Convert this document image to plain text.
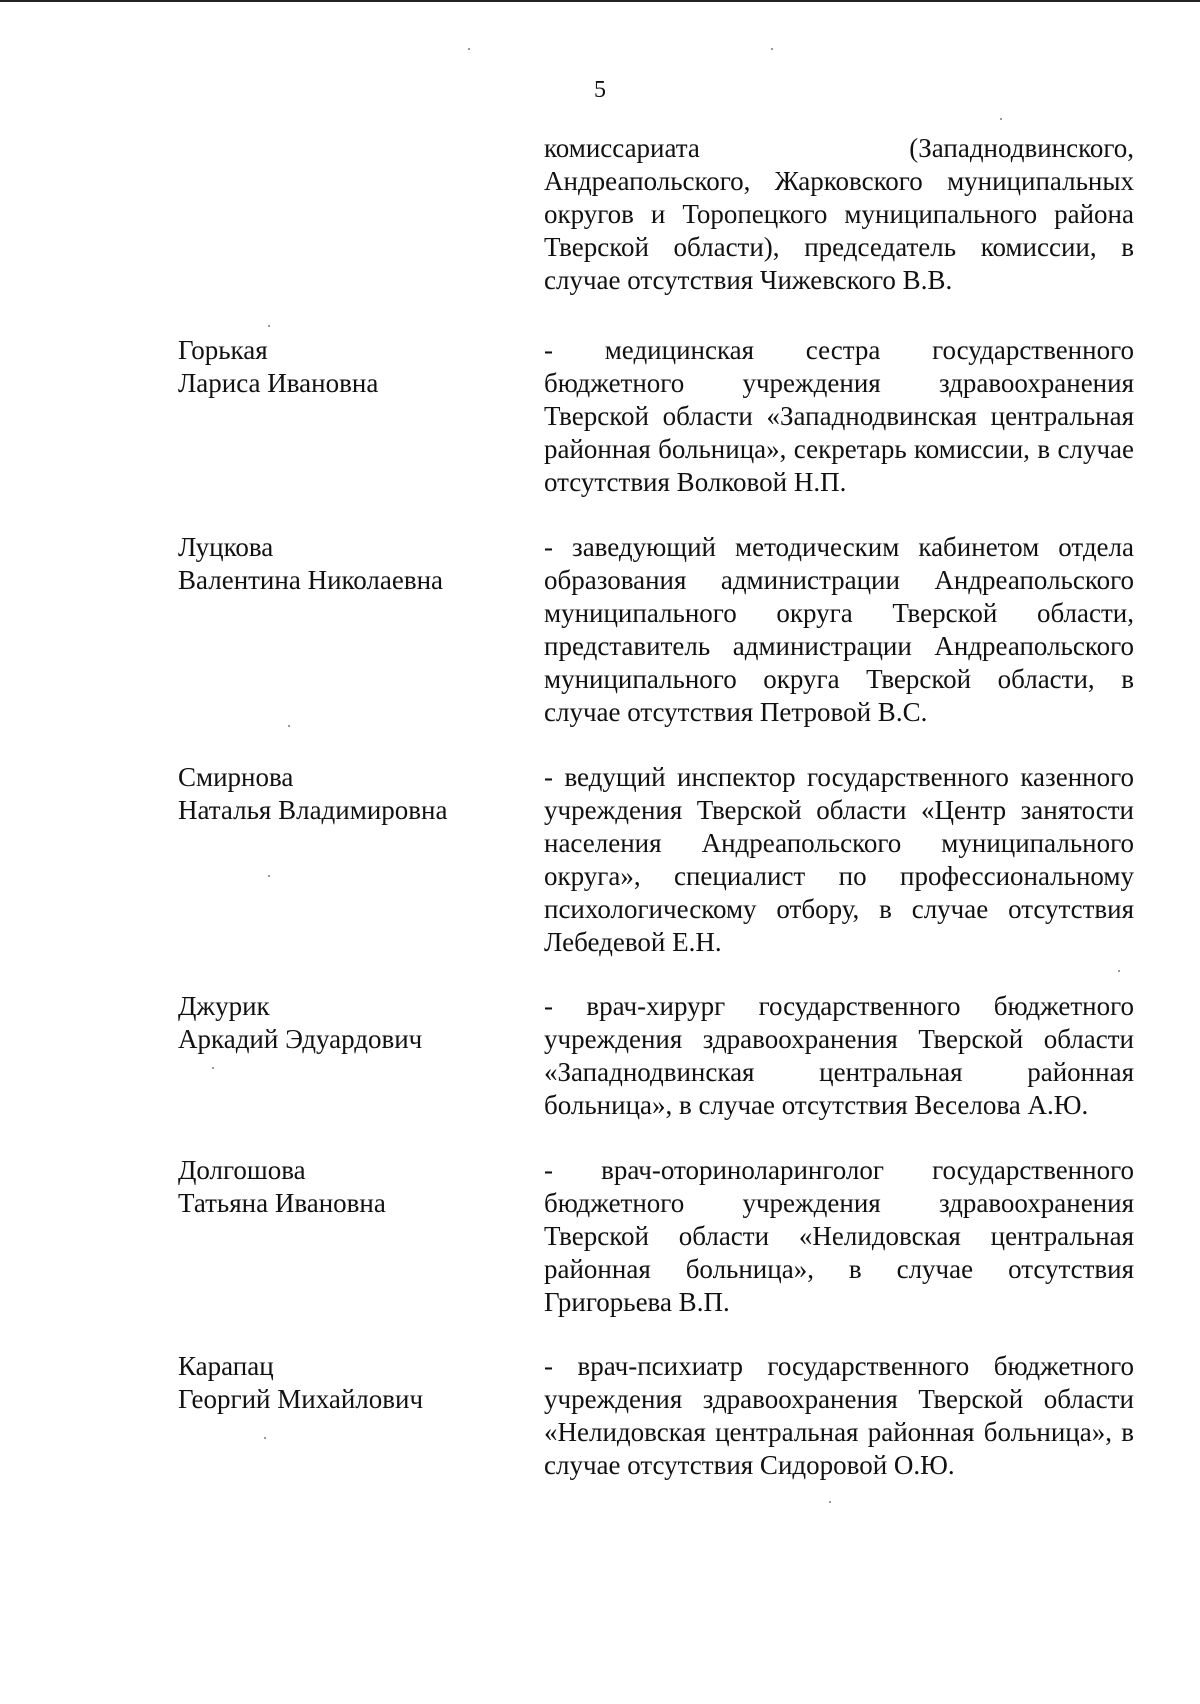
5

комиссариата (Западнодвинского, Андреапольского, Жарковского муниципальных округов и Торопецкого муниципального района Тверской области), председатель комиссии, в случае отсутствия Чижевского В.В.

Горькая
Лариса Ивановна

- медицинская сестра государственного бюджетного учреждения здравоохранения Тверской области «Западнодвинская центральная районная больница», секретарь комиссии, в случае отсутствия Волковой Н.П.

Луцкова
Валентина Николаевна

- заведующий методическим кабинетом отдела образования администрации Андреапольского муниципального округа Тверской области, представитель администрации Андреапольского муниципального округа Тверской области, в случае отсутствия Петровой В.С.

Смирнова
Наталья Владимировна

- ведущий инспектор государственного казенного учреждения Тверской области «Центр занятости населения Андреапольского муниципального округа», специалист по профессиональному психологическому отбору, в случае отсутствия Лебедевой Е.Н.

Джурик
Аркадий Эдуардович

- врач-хирург государственного бюджетного учреждения здравоохранения Тверской области «Западнодвинская центральная районная больница», в случае отсутствия Веселова А.Ю.

Долгошова
Татьяна Ивановна

- врач-оториноларинголог государственного бюджетного учреждения здравоохранения Тверской области «Нелидовская центральная районная больница», в случае отсутствия Григорьева В.П.

Карапац
Георгий Михайлович

- врач-психиатр государственного бюджетного учреждения здравоохранения Тверской области «Нелидовская центральная районная больница», в случае отсутствия Сидоровой О.Ю.
